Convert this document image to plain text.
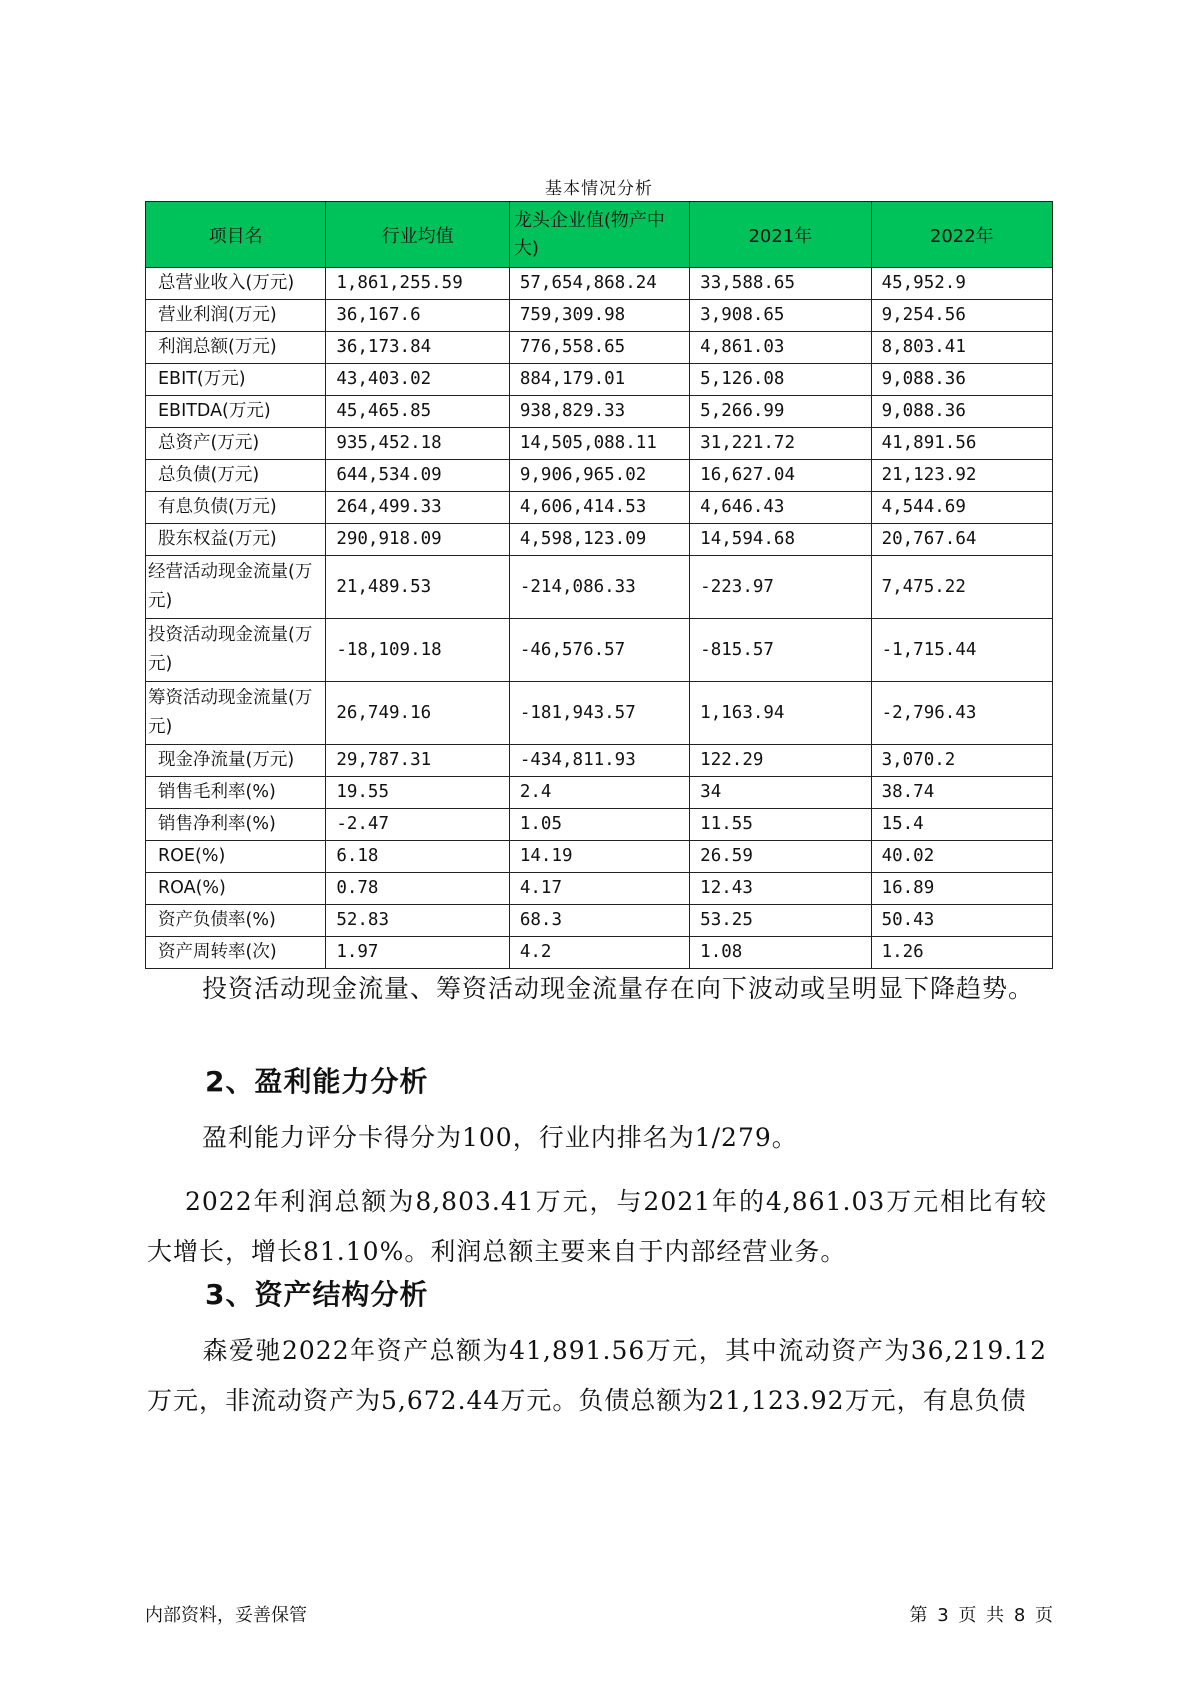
基本情况分析
项目名	行业均值	龙头企业值(物产中大)	2021年	2022年
总营业收入(万元)	1,861,255.59	57,654,868.24	33,588.65	45,952.9
营业利润(万元)	36,167.6	759,309.98	3,908.65	9,254.56
利润总额(万元)	36,173.84	776,558.65	4,861.03	8,803.41
EBIT(万元)	43,403.02	884,179.01	5,126.08	9,088.36
EBITDA(万元)	45,465.85	938,829.33	5,266.99	9,088.36
总资产(万元)	935,452.18	14,505,088.11	31,221.72	41,891.56
总负债(万元)	644,534.09	9,906,965.02	16,627.04	21,123.92
有息负债(万元)	264,499.33	4,606,414.53	4,646.43	4,544.69
股东权益(万元)	290,918.09	4,598,123.09	14,594.68	20,767.64
经营活动现金流量(万元)	21,489.53	-214,086.33	-223.97	7,475.22
投资活动现金流量(万元)	-18,109.18	-46,576.57	-815.57	-1,715.44
筹资活动现金流量(万元)	26,749.16	-181,943.57	1,163.94	-2,796.43
现金净流量(万元)	29,787.31	-434,811.93	122.29	3,070.2
销售毛利率(%)	19.55	2.4	34	38.74
销售净利率(%)	-2.47	1.05	11.55	15.4
ROE(%)	6.18	14.19	26.59	40.02
ROA(%)	0.78	4.17	12.43	16.89
资产负债率(%)	52.83	68.3	53.25	50.43
资产周转率(次)	1.97	4.2	1.08	1.26
投资活动现金流量、筹资活动现金流量存在向下波动或呈明显下降趋势。
2、盈利能力分析
盈利能力评分卡得分为100，行业内排名为1/279。
2022年利润总额为8,803.41万元，与2021年的4,861.03万元相比有较大增长，增长81.10%。利润总额主要来自于内部经营业务。
3、资产结构分析
森爱驰2022年资产总额为41,891.56万元，其中流动资产为36,219.12万元，非流动资产为5,672.44万元。负债总额为21,123.92万元，有息负债
内部资料，妥善保管	第 3 页 共 8 页
